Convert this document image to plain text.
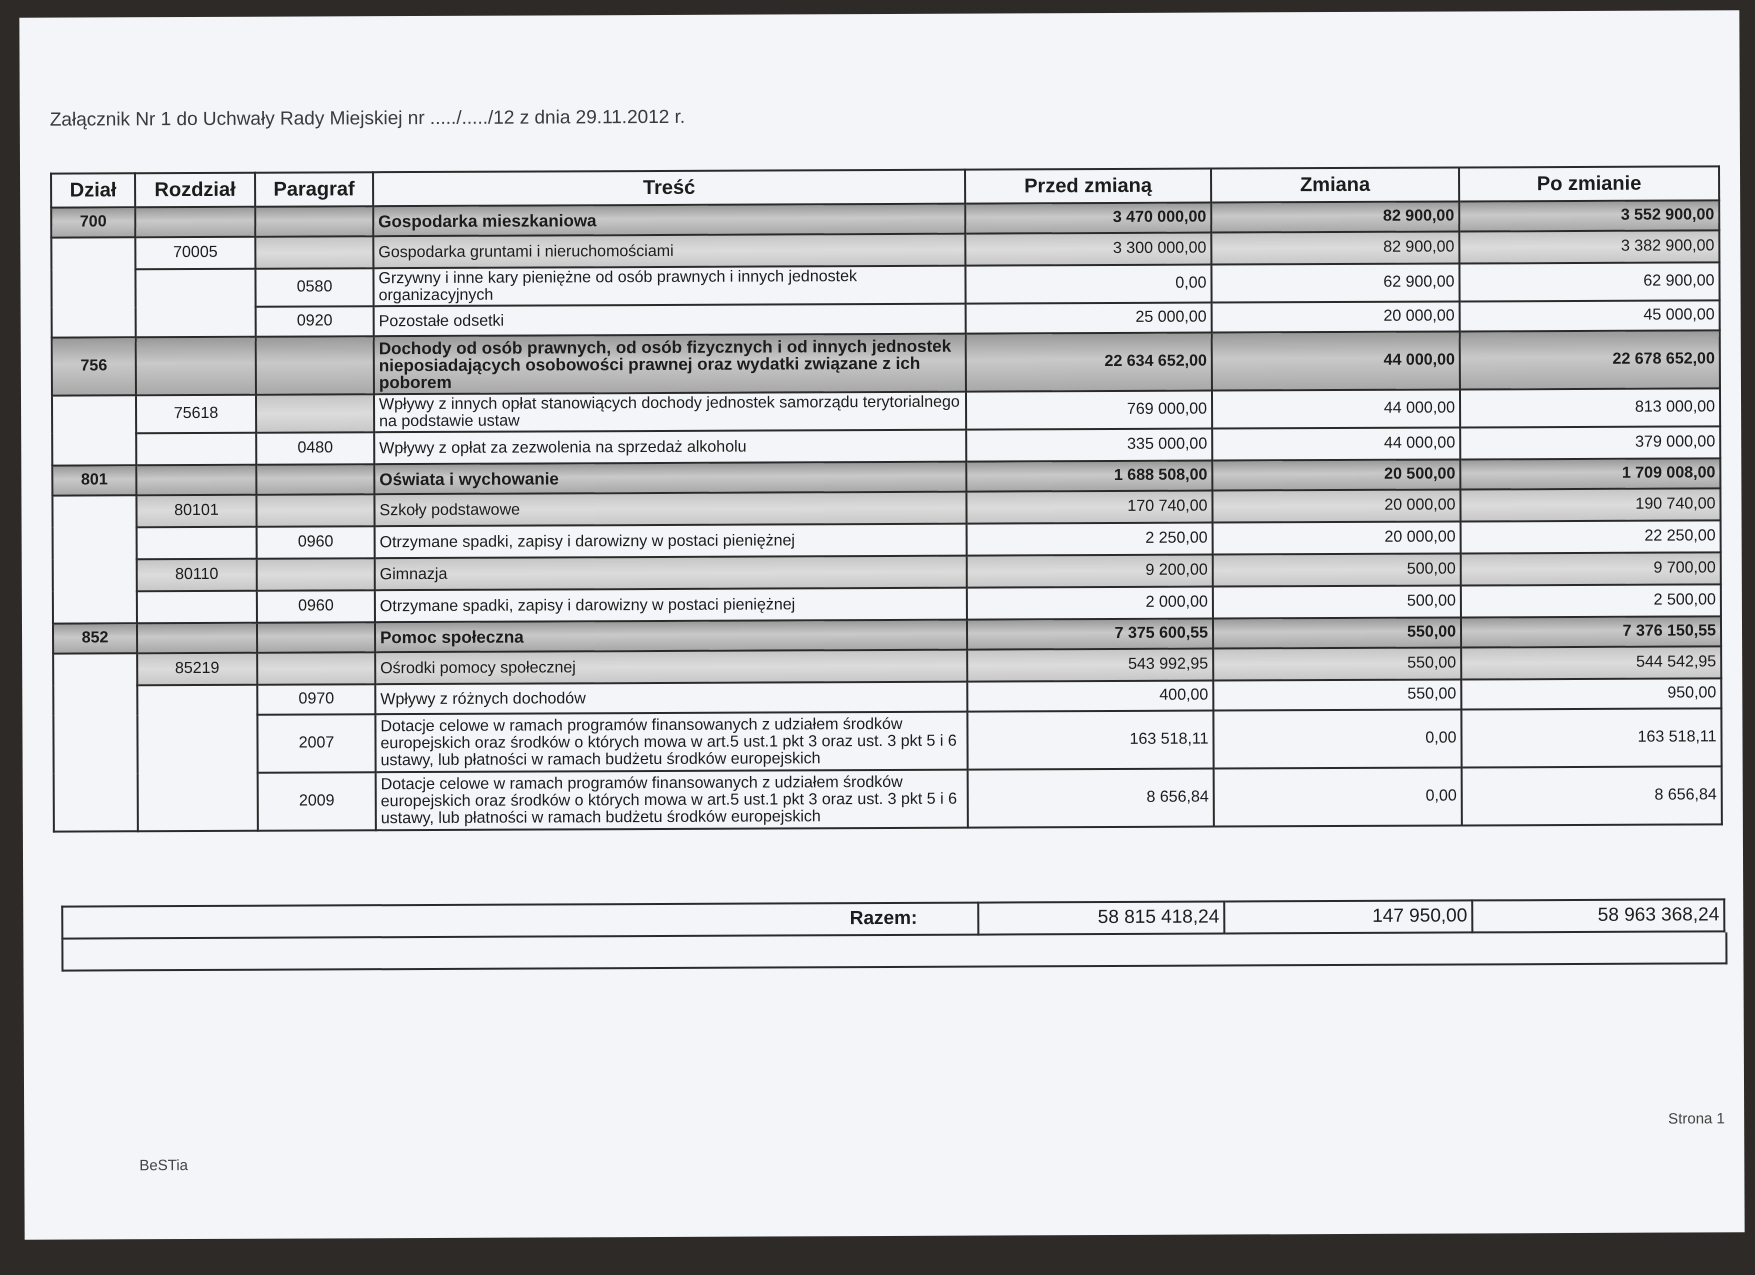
Załącznik Nr 1 do Uchwały Rady Miejskiej nr ...../...../12 z dnia 29.11.2012 r.
Dział	Rozdział	Paragraf	Treść	Przed zmianą	Zmiana	Po zmianie
700			Gospodarka mieszkaniowa	3 470 000,00	82 900,00	3 552 900,00
	70005		Gospodarka gruntami i nieruchomościami	3 300 000,00	82 900,00	3 382 900,00
		0580	Grzywny i inne kary pieniężne od osób prawnych i innych jednostek organizacyjnych	0,00	62 900,00	62 900,00
		0920	Pozostałe odsetki	25 000,00	20 000,00	45 000,00
756			Dochody od osób prawnych, od osób fizycznych i od innych jednostek nieposiadających osobowości prawnej oraz wydatki związane z ich poborem	22 634 652,00	44 000,00	22 678 652,00
	75618		Wpływy z innych opłat stanowiących dochody jednostek samorządu terytorialnego na podstawie ustaw	769 000,00	44 000,00	813 000,00
		0480	Wpływy z opłat za zezwolenia na sprzedaż alkoholu	335 000,00	44 000,00	379 000,00
801			Oświata i wychowanie	1 688 508,00	20 500,00	1 709 008,00
	80101		Szkoły podstawowe	170 740,00	20 000,00	190 740,00
		0960	Otrzymane spadki, zapisy i darowizny w postaci pieniężnej	2 250,00	20 000,00	22 250,00
	80110		Gimnazja	9 200,00	500,00	9 700,00
		0960	Otrzymane spadki, zapisy i darowizny w postaci pieniężnej	2 000,00	500,00	2 500,00
852			Pomoc społeczna	7 375 600,55	550,00	7 376 150,55
	85219		Ośrodki pomocy społecznej	543 992,95	550,00	544 542,95
		0970	Wpływy z różnych dochodów	400,00	550,00	950,00
		2007	Dotacje celowe w ramach programów finansowanych z udziałem środków europejskich oraz środków o których mowa w art.5 ust.1 pkt 3 oraz ust. 3 pkt 5 i 6 ustawy, lub płatności w ramach budżetu środków europejskich	163 518,11	0,00	163 518,11
		2009	Dotacje celowe w ramach programów finansowanych z udziałem środków europejskich oraz środków o których mowa w art.5 ust.1 pkt 3 oraz ust. 3 pkt 5 i 6 ustawy, lub płatności w ramach budżetu środków europejskich	8 656,84	0,00	8 656,84
Razem:	58 815 418,24	147 950,00	58 963 368,24
Strona 1
BeSTia
